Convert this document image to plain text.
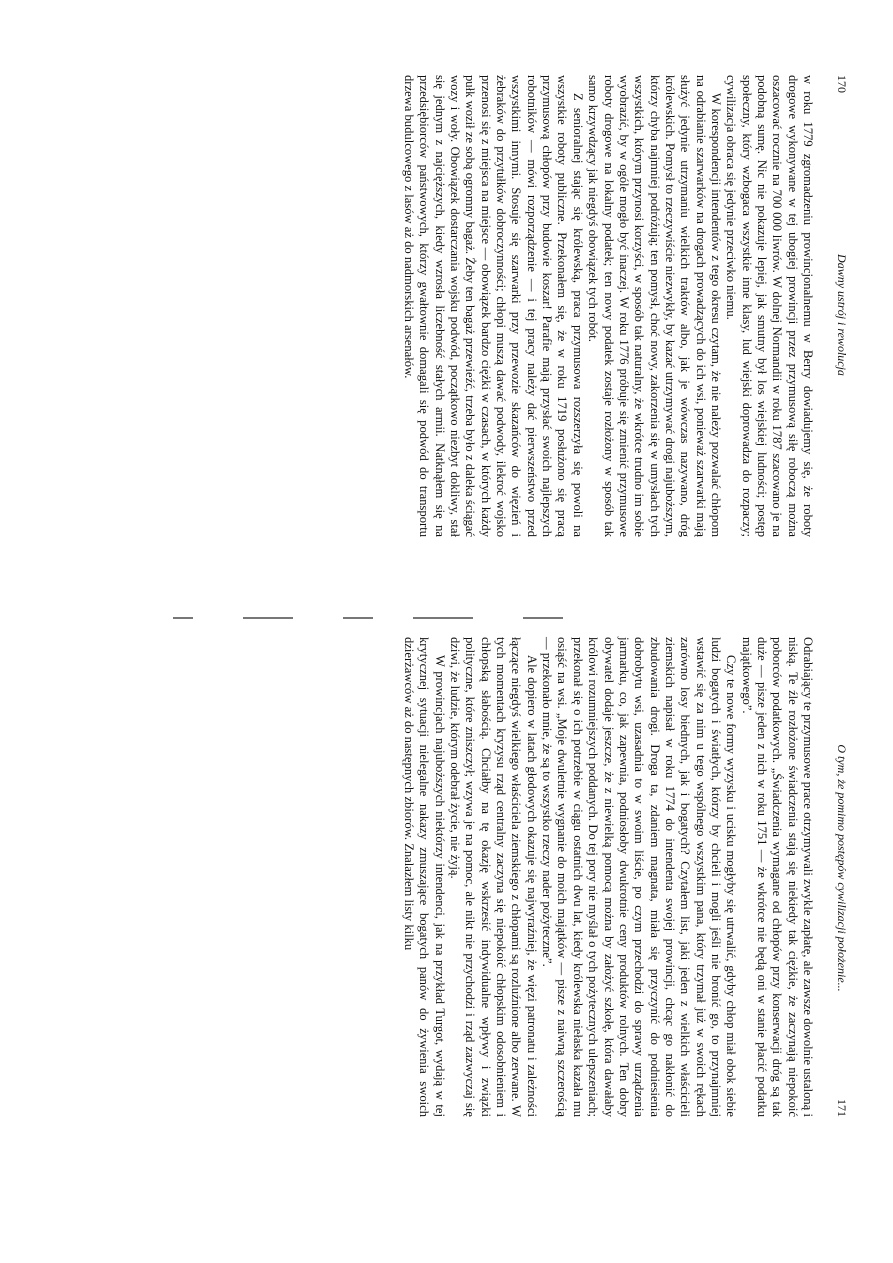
170
Dawny ustrój i rewolucja

w roku 1779 zgromadzeniu prowincjonalnemu w Berry dowiadujemy się, że roboty drogowe wykonywane w tej ubogiej prowincji przez przymusową siłę roboczą można oszacować rocznie na 700 000 liwrów. W dolnej Normandii w roku 1787 szacowano je na podobną sumę. Nic nie pokazuje lepiej, jak smutny był los wiejskiej ludności; postęp społeczny, który wzbogaca wszystkie inne klasy, lud wiejski doprowadza do rozpaczy; cywilizacja obraca się jedynie przeciwko niemu.

W korespondencji intendentów z tego okresu czytam, że nie należy pozwalać chłopom na odrabianie szarwarków na drogach prowadzących do ich wsi, ponieważ szarwarki mają służyć jedynie utrzymaniu wielkich traktów albo, jak je wówczas nazywano, dróg królewskich. Pomysł to rzeczywiście niezwykły, by kazać utrzymywać drogi najuboższym, którzy chyba najmniej podróżują; ten pomysł, choć nowy, zakorzenia się w umysłach tych wszystkich, którym przynosi korzyści, w sposób tak naturalny, że wkrótce trudno im sobie wyobrazić, by w ogóle mogło być inaczej. W roku 1776 próbuje się zmienić przymusowe roboty drogowe na lokalny podatek; ten nowy podatek zostaje rozłożony w sposób tak samo krzywdzący jak niegdyś obowiązek tych robót.

Z senioralnej stając się królewską, praca przymusowa rozszerzyła się powoli na wszystkie roboty publiczne. Przekonałem się, że w roku 1719 posłużono się pracą przymusową chłopów przy budowie koszar! Parafie mają przysłać swoich najlepszych robotników — mówi rozporządzenie — i tej pracy należy dać pierwszeństwo przed wszystkimi innymi. Stosuje się szarwarki przy przewozie skazańców do więzień i żebraków do przytułków dobroczynności; chłopi muszą dawać podwody, ilekroć wojsko przenosi się z miejsca na miejsce — obowiązek bardzo ciężki w czasach, w których każdy pułk woził ze sobą ogromny bagaż. Żeby ten bagaż przewieźć, trzeba było z daleka ściągać wozy i woły. Obowiązek dostarczania wojsku podwód, początkowo niezbyt dokliwy, stał się jednym z najcięższych, kiedy wzrosła liczebność stałych armii. Natknąłem się na przedsiębiorców państwowych, którzy gwałtownie domagali się podwód do transportu drzewa budulcowego z lasów aż do nadmorskich arsenałów.

O tym, że pomimo postępów cywilizacji położenie...
171

Odrabiający te przymusowe prace otrzymywali zwykle zapłatę, ale zawsze dowolnie ustaloną i niską. Te źle rozłożone świadczenia stają się niekiedy tak ciężkie, że zaczynają niepokoić poborców podatkowych. „Świadczenia wymagane od chłopów przy konserwacji dróg są tak duże — pisze jeden z nich w roku 1751 — że wkrótce nie będą oni w stanie płacić podatku majątkowego”.

Czy te nowe formy wyzysku i ucisku mogłyby się utrwalić, gdyby chłop miał obok siebie ludzi bogatych i światłych, którzy by chcieli i mogli jeśli nie bronić go, to przynajmniej wstawić się za nim u tego wspólnego wszystkim pana, który trzymał już w swoich rękach zarówno losy biednych, jak i bogatych? Czytałem list, jaki jeden z wielkich właścicieli ziemskich napisał w roku 1774 do intendenta swojej prowincji, chcąc go nakłonić do zbudowania drogi. Droga ta, zdaniem magnata, miała się przyczynić do podniesienia dobrobytu wsi, uzasadnia to w swoim liście, po czym przechodzi do sprawy urządzenia jarmarku, co, jak zapewnia, podniosłoby dwukrotnie ceny produktów rolnych. Ten dobry obywatel dodaje jeszcze, że z niewielką pomocą można by założyć szkołę, która dawałaby królowi rozumniejszych poddanych. Do tej pory nie myślał o tych pożytecznych ulepszeniach; przekonał się o ich potrzebie w ciągu ostatnich dwu lat, kiedy królewska niełaska kazała mu osiąść na wsi. „Moje dwuletnie wygnanie do moich majątków — pisze z naiwną szczerością — przekonało mnie, że są to wszystko rzeczy nader pożyteczne”.

Ale dopiero w latach głodowych okazuje się najwyraźniej, że więzi patronatu i zależności łączące niegdyś wielkiego właściciela ziemskiego z chłopami są rozluźnione albo zerwane. W tych momentach kryzysu rząd centralny zaczyna się niepokoić chłopskim odosobnieniem i chłopską słabością. Chciałby na tę okazję wskrzesić indywidualne wpływy i związki polityczne, które zniszczył; wzywa je na pomoc, ale nikt nie przychodzi i rząd zazwyczaj się dziwi, że ludzie, którym odebrał życie, nie żyją.

W prowincjach najuboższych niektórzy intendenci, jak na przykład Turgot, wydają w tej krytycznej sytuacji nielegalne nakazy zmuszające bogatych panów do żywienia swoich dzierżawców aż do następnych zbiorów. Znalazłem listy kilku
